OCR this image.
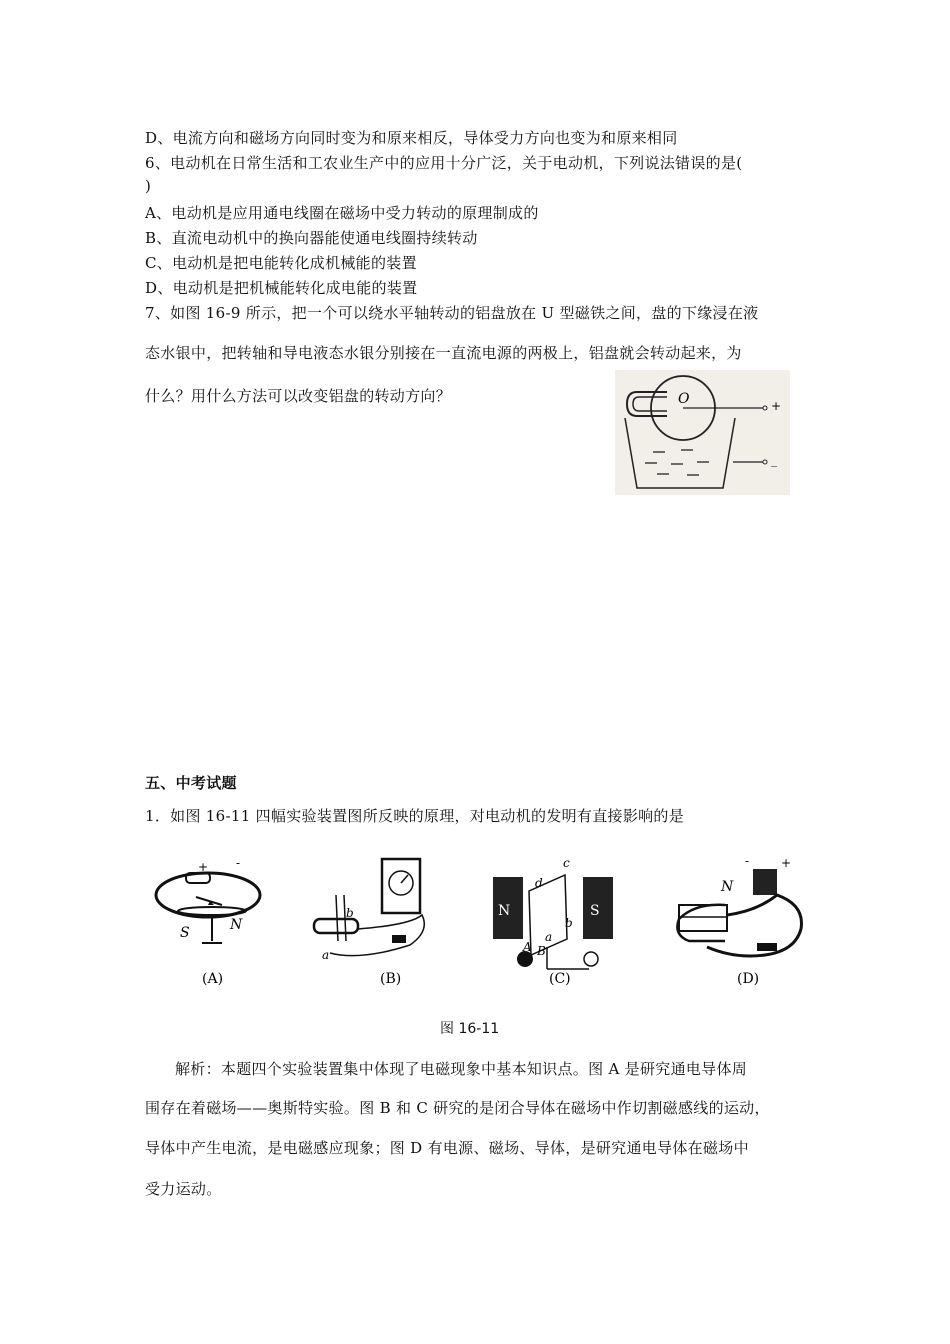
D、电流方向和磁场方向同时变为和原来相反，导体受力方向也变为和原来相同
6、电动机在日常生活和工农业生产中的应用十分广泛，关于电动机，下列说法错误的是(
)
A、电动机是应用通电线圈在磁场中受力转动的原理制成的
B、直流电动机中的换向器能使通电线圈持续转动
C、电动机是把电能转化成机械能的装置
D、电动机是把机械能转化成电能的装置
7、如图 16-9 所示，把一个可以绕水平轴转动的铝盘放在 U 型磁铁之间，盘的下缘浸在液
态水银中，把转轴和导电液态水银分别接在一直流电源的两极上，铝盘就会转动起来，为
什么？用什么方法可以改变铝盘的转动方向？	O	+
_
五、中考试题
1．如图 16-11 四幅实验装置图所反映的原理，对电动机的发明有直接影响的是
S	N
+ -
(A)
b
a
(B)
N	S
c
d
b
a
A B
(C)
N
-	+
(D)
图 16-11
解析：本题四个实验装置集中体现了电磁现象中基本知识点。图 A 是研究通电导体周
围存在着磁场——奥斯特实验。图 B 和 C 研究的是闭合导体在磁场中作切割磁感线的运动，
导体中产生电流，是电磁感应现象；图 D 有电源、磁场、导体，是研究通电导体在磁场中
受力运动。
